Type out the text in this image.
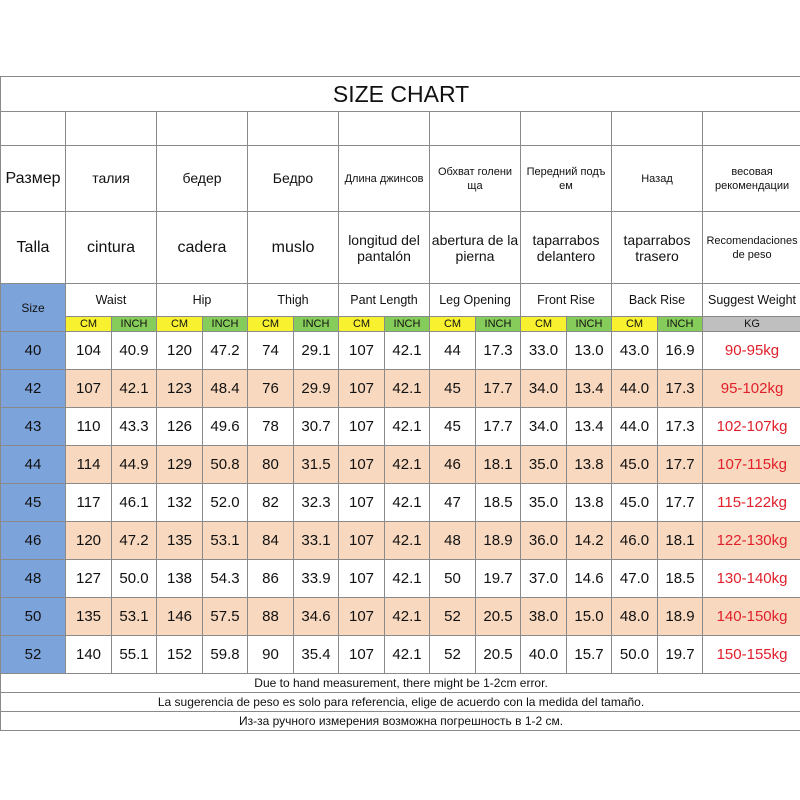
SIZE CHART															

Размер	талия		бедер		Бедро		Длина джинсов		Обхват голени ща		Передний подъ ем		Назад		весовая рекомендации
Talla	cintura		cadera		muslo		longitud del pantalón		abertura de la pierna		taparrabos delantero		taparrabos trasero		Recomendaciones de peso
Size	Waist		Hip		Thigh		Pant Length		Leg Opening		Front Rise		Back Rise		Suggest Weight
	CM	INCH	CM	INCH	CM	INCH	CM	INCH	CM	INCH	CM	INCH	CM	INCH	KG
40	104	40.9	120	47.2	74	29.1	107	42.1	44	17.3	33.0	13.0	43.0	16.9	90-95kg
42	107	42.1	123	48.4	76	29.9	107	42.1	45	17.7	34.0	13.4	44.0	17.3	95-102kg
43	110	43.3	126	49.6	78	30.7	107	42.1	45	17.7	34.0	13.4	44.0	17.3	102-107kg
44	114	44.9	129	50.8	80	31.5	107	42.1	46	18.1	35.0	13.8	45.0	17.7	107-115kg
45	117	46.1	132	52.0	82	32.3	107	42.1	47	18.5	35.0	13.8	45.0	17.7	115-122kg
46	120	47.2	135	53.1	84	33.1	107	42.1	48	18.9	36.0	14.2	46.0	18.1	122-130kg
48	127	50.0	138	54.3	86	33.9	107	42.1	50	19.7	37.0	14.6	47.0	18.5	130-140kg
50	135	53.1	146	57.5	88	34.6	107	42.1	52	20.5	38.0	15.0	48.0	18.9	140-150kg
52	140	55.1	152	59.8	90	35.4	107	42.1	52	20.5	40.0	15.7	50.0	19.7	150-155kg
Due to hand measurement, there might be 1-2cm error.															
La sugerencia de peso es solo para referencia, elige de acuerdo con la medida del tamaño.															
Из-за ручного измерения возможна погрешность в 1-2 см.															
